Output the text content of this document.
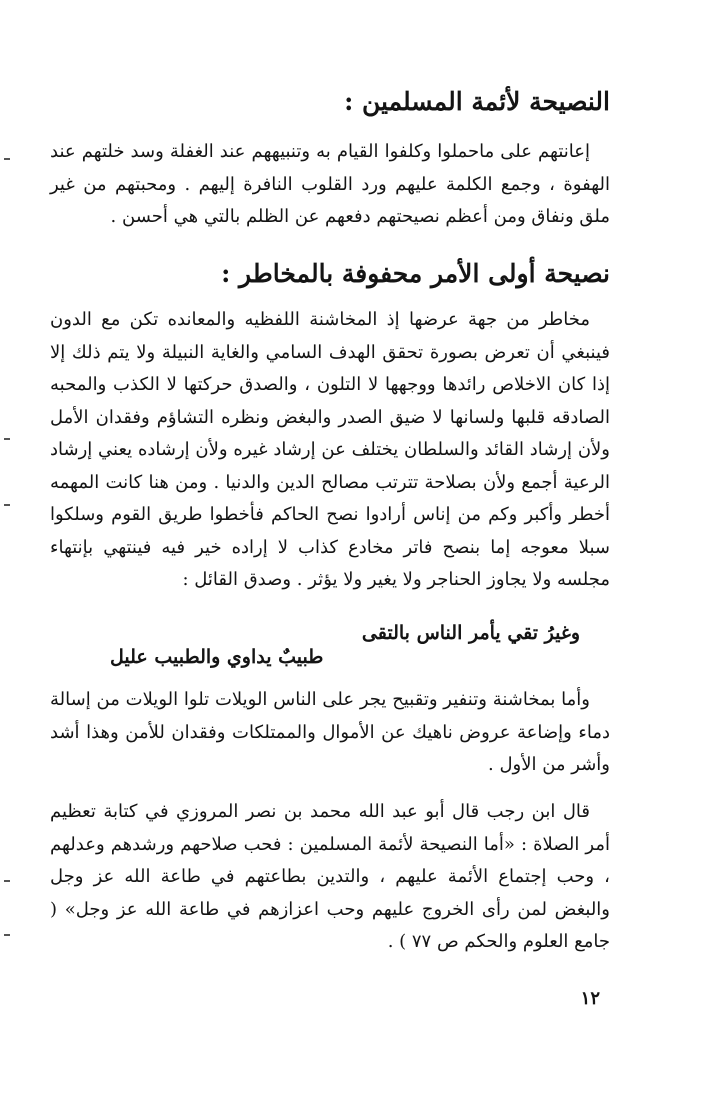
النصيحة لأئمة المسلمين :
إعانتهم على ماحملوا وكلفوا القيام به وتنبيههم عند الغفلة وسد خلتهم عند الهفوة ، وجمع الكلمة عليهم ورد القلوب النافرة إليهم . ومحبتهم من غير ملق ونفاق ومن أعظم نصيحتهم دفعهم عن الظلم بالتي هي أحسن .
نصيحة أولى الأمر محفوفة بالمخاطر :
مخاطر من جهة عرضها إذ المخاشنة اللفظيه والمعانده تكن مع الدون فينبغي أن تعرض بصورة تحقق الهدف السامي والغاية النبيلة ولا يتم ذلك إلا إذا كان الاخلاص رائدها ووجهها لا التلون ، والصدق حركتها لا الكذب والمحبه الصادقه قلبها ولسانها لا ضيق الصدر والبغض ونظره التشاؤم وفقدان الأمل ولأن إرشاد القائد والسلطان يختلف عن إرشاد غيره ولأن إرشاده يعني إرشاد الرعية أجمع ولأن بصلاحة تترتب مصالح الدين والدنيا . ومن هنا كانت المهمه أخطر وأكبر وكم من إناس أرادوا نصح الحاكم فأخطوا طريق القوم وسلكوا سبلا معوجه إما بنصح فاتر مخادع كذاب لا إراده خير فيه فينتهي بإنتهاء مجلسه ولا يجاوز الحناجر ولا يغير ولا يؤثر . وصدق القائل :
وغيرُ تقي يأمر الناس بالتقى
طبيبٌ يداوي والطبيب عليل
وأما بمخاشنة وتنفير وتقبيح يجر على الناس الويلات تلوا الويلات من إسالة دماء وإضاعة عروض ناهيك عن الأموال والممتلكات وفقدان للأمن وهذا أشد وأشر من الأول .
قال ابن رجب قال أبو عبد الله محمد بن نصر المروزي في كتابة تعظيم أمر الصلاة : «أما النصيحة لأئمة المسلمين : فحب صلاحهم ورشدهم وعدلهم ، وحب إجتماع الأئمة عليهم ، والتدين بطاعتهم في طاعة الله عز وجل والبغض لمن رأى الخروج عليهم وحب اعزازهم في طاعة الله عز وجل» ( جامع العلوم والحكم ص ٧٧ ) .
١٢
